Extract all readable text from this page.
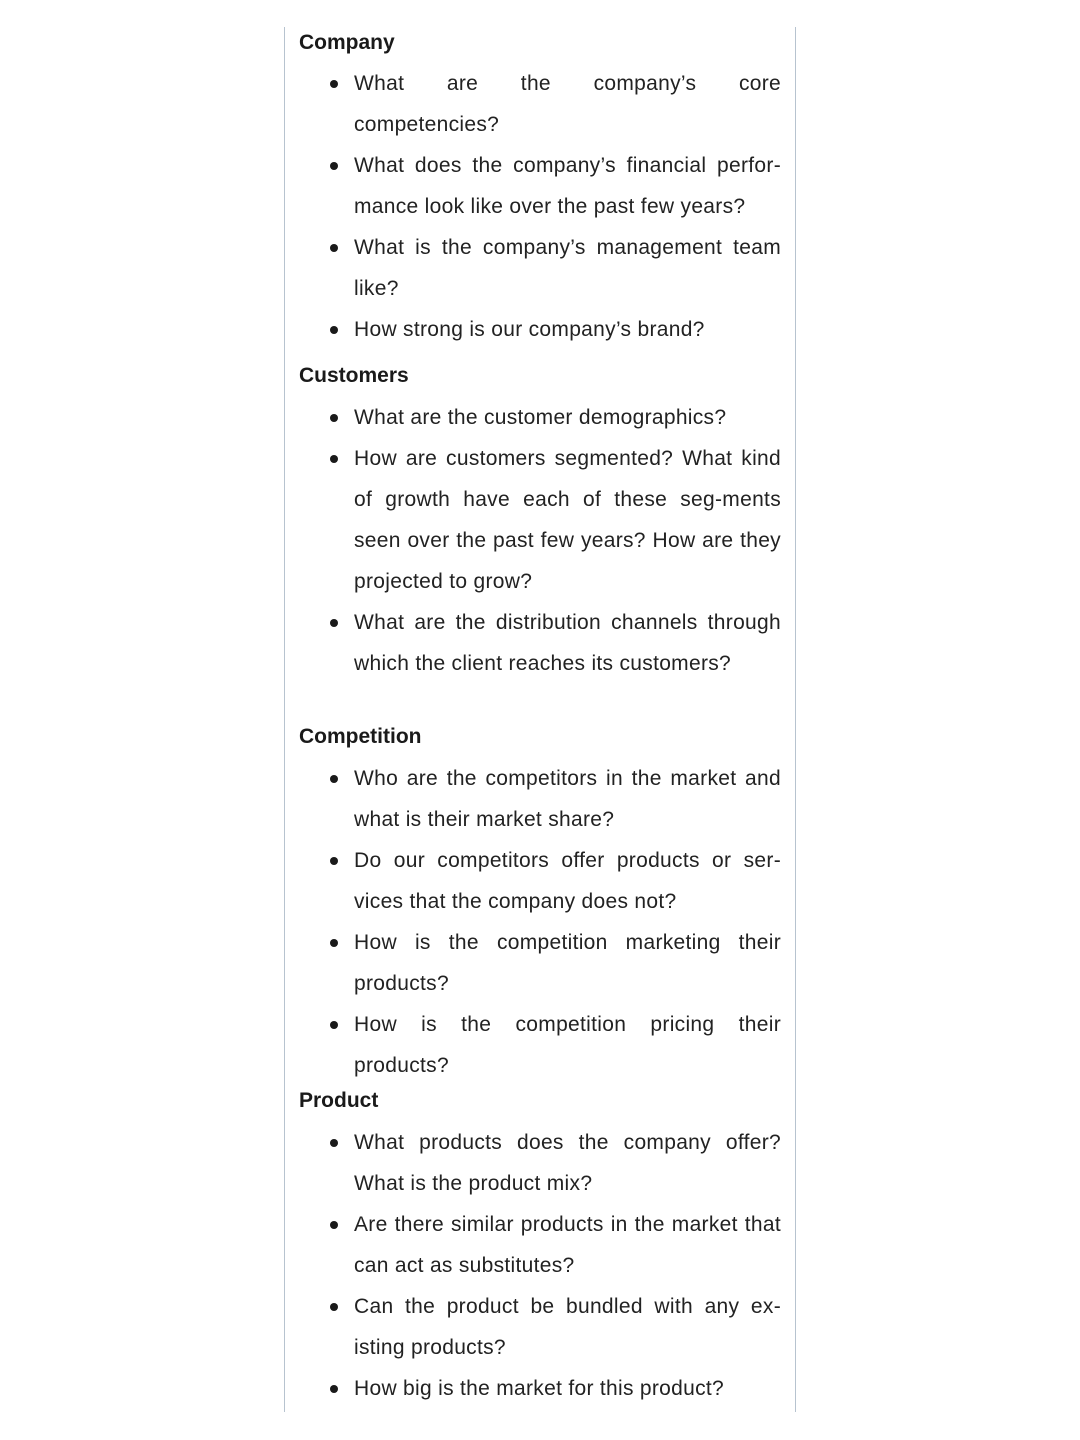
Company
What are the company’s core competencies?
What does the company’s financial perfor-mance look like over the past few years?
What is the company’s management team like?
How strong is our company’s brand?
Customers
What are the customer demographics?
How are customers segmented? What kind of growth have each of these seg-ments seen over the past few years? How are they projected to grow?
What are the distribution channels through which the client reaches its customers?
Competition
Who are the competitors in the market and what is their market share?
Do our competitors offer products or ser-vices that the company does not?
How is the competition marketing their products?
How is the competition pricing their products?
Product
What products does the company offer? What is the product mix?
Are there similar products in the market that can act as substitutes?
Can the product be bundled with any ex-isting products?
How big is the market for this product?
